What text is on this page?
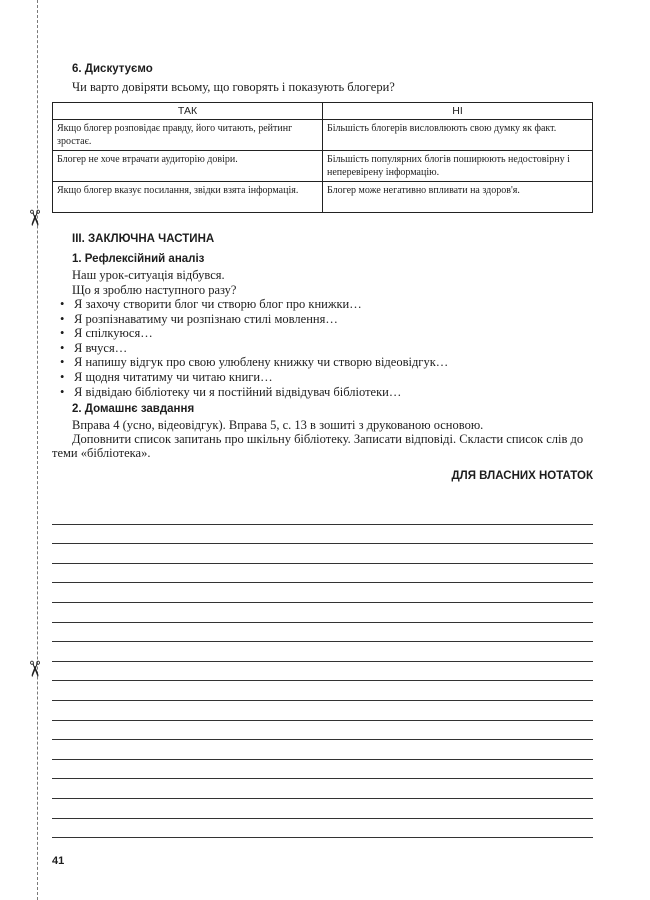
✂
✂
6. Дискутуємо
Чи варто довіряти всьому, що говорять і показують блогери?
ТАК	НІ
Якщо блогер розповідає правду, його читають, рейтинг зростає.	Більшість блогерів висловлюють свою думку як факт.
Блогер не хоче втрачати аудиторію довіри.	Більшість популярних блогів поширюють недостовірну і неперевірену інформацію.
Якщо блогер вказує посилання, звідки взята інформація.	Блогер може негативно впливати на здоров'я.
III. ЗАКЛЮЧНА ЧАСТИНА
1. Рефлексійний аналіз
Наш урок-ситуація відбувся.
Що я зроблю наступного разу?
• Я захочу створити блог чи створю блог про книжки…
• Я розпізнаватиму чи розпізнаю стилі мовлення…
• Я спілкуюся…
• Я вчуся…
• Я напишу відгук про свою улюблену книжку чи створю відеовідгук…
• Я щодня читатиму чи читаю книги…
• Я відвідаю бібліотеку чи я постійний відвідувач бібліотеки…
2. Домашнє завдання
Вправа 4 (усно, відеовідгук). Вправа 5, с. 13 в зошиті з друкованою основою.
Доповнити список запитань про шкільну бібліотеку. Записати відповіді. Скласти список слів до
теми «бібліотека».
ДЛЯ ВЛАСНИХ НОТАТОК
41
